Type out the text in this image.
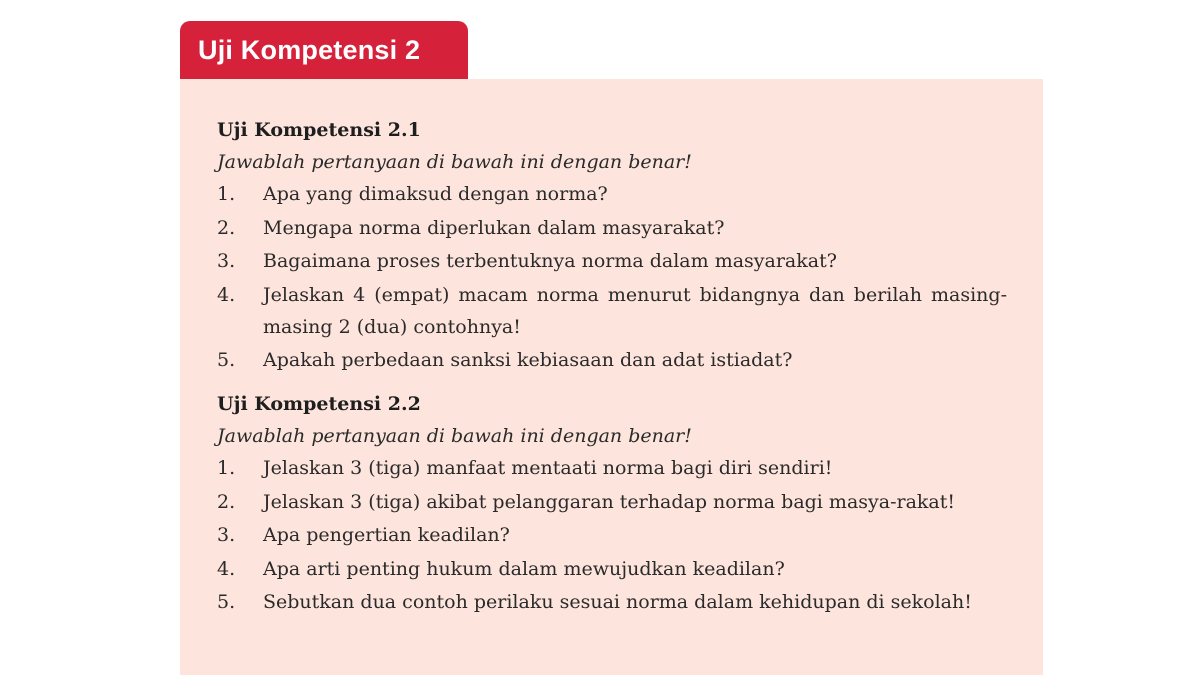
Uji Kompetensi 2

Uji Kompetensi 2.1

Jawablah pertanyaan di bawah ini dengan benar!

1.	Apa yang dimaksud dengan norma?
2.	Mengapa norma diperlukan dalam masyarakat?
3.	Bagaimana proses terbentuknya norma dalam masyarakat?
4.	Jelaskan 4 (empat) macam norma menurut bidangnya dan berilah masing-masing 2 (dua) contohnya!
5.	Apakah perbedaan sanksi kebiasaan dan adat istiadat?

Uji Kompetensi 2.2

Jawablah pertanyaan di bawah ini dengan benar!

1.	Jelaskan 3 (tiga) manfaat mentaati norma bagi diri sendiri!
2.	Jelaskan 3 (tiga) akibat pelanggaran terhadap norma bagi masya-rakat!
3.	Apa pengertian keadilan?
4.	Apa arti penting hukum dalam mewujudkan keadilan?
5.	Sebutkan dua contoh perilaku sesuai norma dalam kehidupan di sekolah!
